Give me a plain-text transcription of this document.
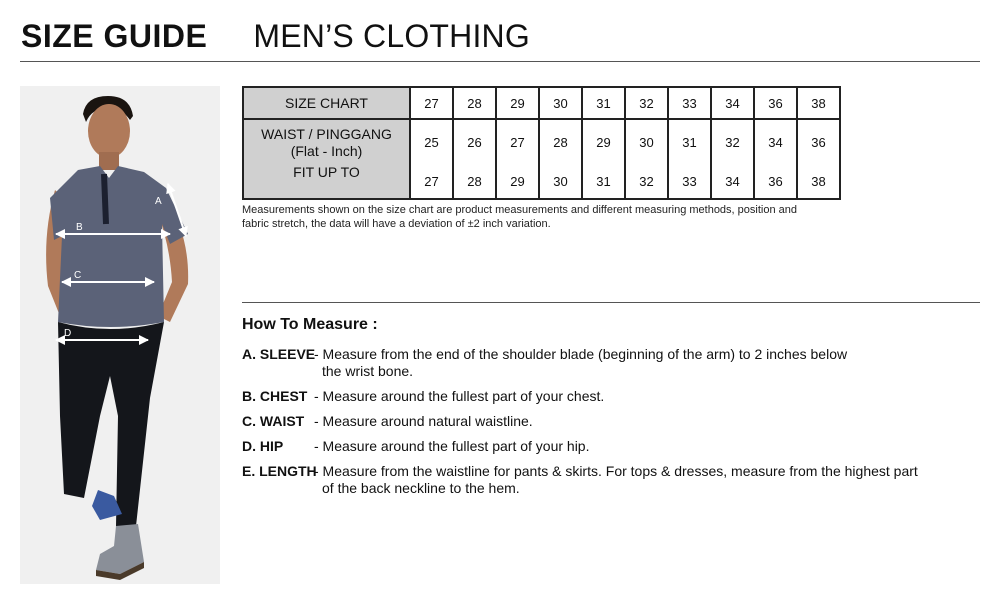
SIZE GUIDE MEN’S CLOTHING
A
B
C
D
SIZE CHART	27	28	29	30	31	32	33	34	36	38
WAIST / PINGGANG
(Flat - Inch)	25	26	27	28	29	30	31	32	34	36
FIT UP TO	27	28	29	30	31	32	33	34	36	38
Measurements shown on the size chart are product measurements and different measuring methods, position and
fabric stretch, the data will have a deviation of ±2 inch variation.
How To Measure :
A. SLEEVE
- Measure from the end of the shoulder blade (beginning of the arm) to 2 inches below
the wrist bone.
B. CHEST - Measure around the fullest part of your chest.
C. WAIST - Measure around natural waistline.
D. HIP - Measure around the fullest part of your hip.
E. LENGTH
- Measure from the waistline for pants & skirts. For tops & dresses, measure from the highest part
of the back neckline to the hem.
